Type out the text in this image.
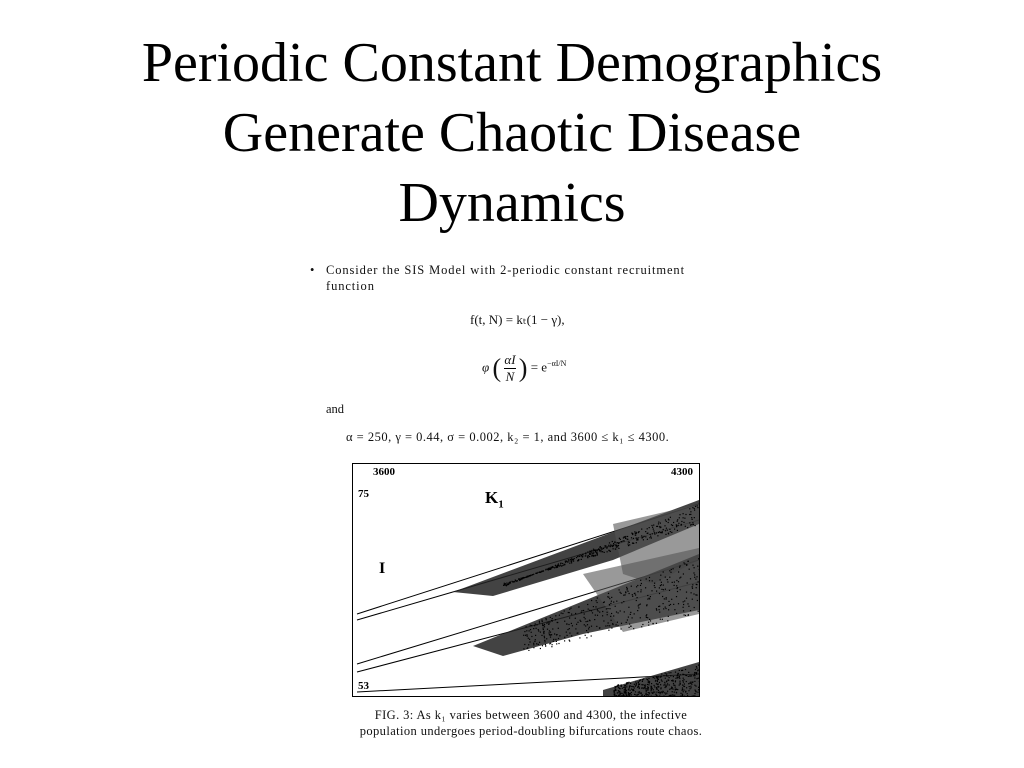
Periodic Constant Demographics
Generate Chaotic Disease
Dynamics
• Consider the SIS Model with 2-periodic constant recruitment function
f(t, N) = kₜ(1 − γ),
φ ( $\frac{\alpha I}{N}$ ) = $e^{-\alpha I/N}$
and
α = 250, γ = 0.44, σ = 0.002, k₂ = 1, and 3600 ≤ k₁ ≤ 4300.
3600	4300
75
53
$K_1$
I
FIG. 3: As k₁ varies between 3600 and 4300, the infective
population undergoes period-doubling bifurcations route chaos.
